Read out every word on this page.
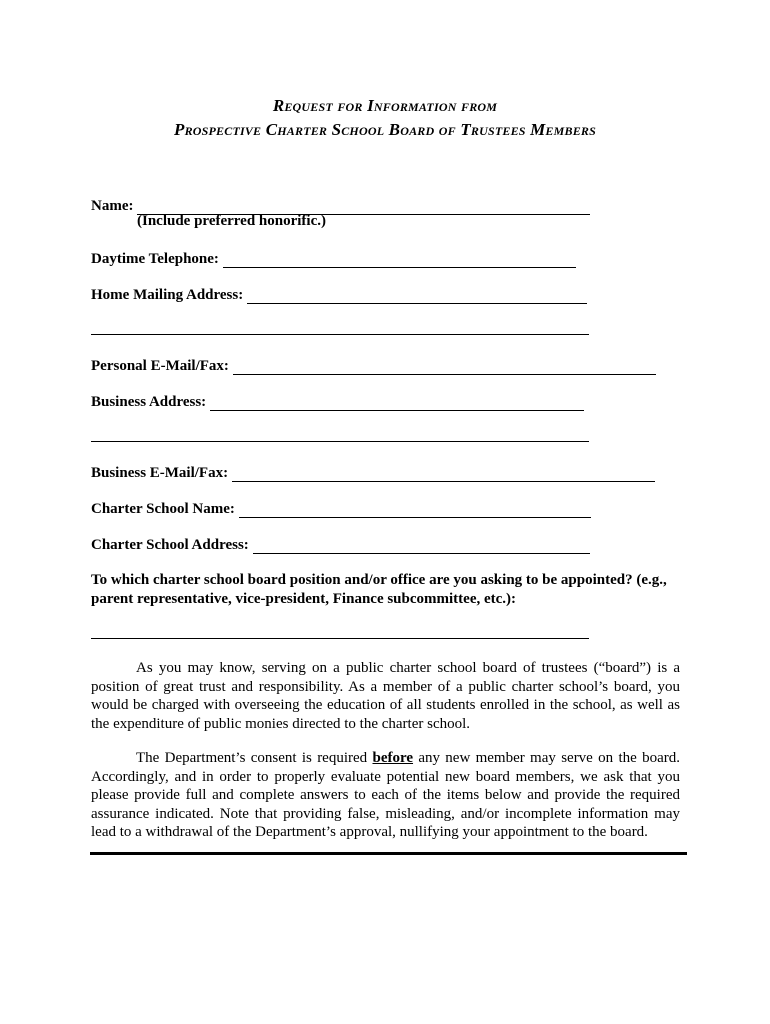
Request for Information from
Prospective Charter School Board of Trustees Members
Name:
(Include preferred honorific.)
Daytime Telephone:
Home Mailing Address:
Personal E-Mail/Fax:
Business Address:
Business E-Mail/Fax:
Charter School Name:
Charter School Address:
To which charter school board position and/or office are you asking to be appointed? (e.g., parent representative, vice-president, Finance subcommittee, etc.):
As you may know, serving on a public charter school board of trustees (“board”) is a position of great trust and responsibility. As a member of a public charter school’s board, you would be charged with overseeing the education of all students enrolled in the school, as well as the expenditure of public monies directed to the charter school.
The Department’s consent is required before any new member may serve on the board. Accordingly, and in order to properly evaluate potential new board members, we ask that you please provide full and complete answers to each of the items below and provide the required assurance indicated. Note that providing false, misleading, and/or incomplete information may lead to a withdrawal of the Department’s approval, nullifying your appointment to the board.
